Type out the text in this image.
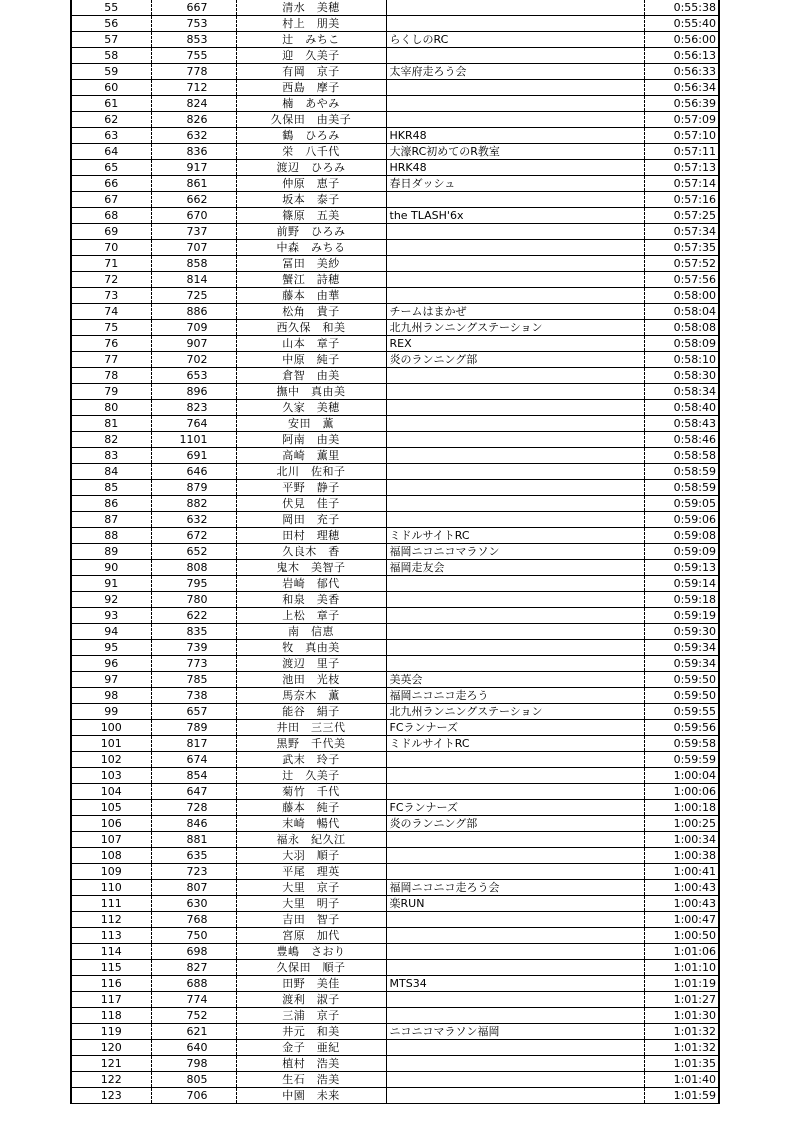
55	667	清水　美穂		0:55:38
56	753	村上　朋美		0:55:40
57	853	辻　みちこ	らくしのRC	0:56:00
58	755	迎　久美子		0:56:13
59	778	有岡　京子	太宰府走ろう会	0:56:33
60	712	西島　摩子		0:56:34
61	824	楠　あやみ		0:56:39
62	826	久保田　由美子		0:57:09
63	632	鶴　ひろみ	HKR48	0:57:10
64	836	栄　八千代	大濠RC初めてのR教室	0:57:11
65	917	渡辺　ひろみ	HRK48	0:57:13
66	861	仲原　恵子	春日ダッシュ	0:57:14
67	662	坂本　泰子		0:57:16
68	670	篠原　五美	the TLASH'6x	0:57:25
69	737	前野　ひろみ		0:57:34
70	707	中森　みちる		0:57:35
71	858	冨田　美紗		0:57:52
72	814	蟹江　詩穂		0:57:56
73	725	藤本　由華		0:58:00
74	886	松角　貴子	チームはまかぜ	0:58:04
75	709	西久保　和美	北九州ランニングステーション	0:58:08
76	907	山本　章子	REX	0:58:09
77	702	中原　純子	炎のランニング部	0:58:10
78	653	倉智　由美		0:58:30
79	896	撫中　真由美		0:58:34
80	823	久家　美穂		0:58:40
81	764	安田　薫		0:58:43
82	1101	阿南　由美		0:58:46
83	691	高崎　薫里		0:58:58
84	646	北川　佐和子		0:58:59
85	879	平野　静子		0:58:59
86	882	伏見　佳子		0:59:05
87	632	岡田　充子		0:59:06
88	672	田村　理穂	ミドルサイトRC	0:59:08
89	652	久良木　香	福岡ニコニコマラソン	0:59:09
90	808	鬼木　美智子	福岡走友会	0:59:13
91	795	岩崎　郁代		0:59:14
92	780	和泉　美香		0:59:18
93	622	上松　章子		0:59:19
94	835	南　信恵		0:59:30
95	739	牧　真由美		0:59:34
96	773	渡辺　里子		0:59:34
97	785	池田　光枝	美英会	0:59:50
98	738	馬奈木　薫	福岡ニコニコ走ろう	0:59:50
99	657	能谷　絹子	北九州ランニングステーション	0:59:55
100	789	井田　三三代	FCランナーズ	0:59:56
101	817	黒野　千代美	ミドルサイトRC	0:59:58
102	674	武末　玲子		0:59:59
103	854	辻　久美子		1:00:04
104	647	菊竹　千代		1:00:06
105	728	藤本　純子	FCランナーズ	1:00:18
106	846	末崎　暢代	炎のランニング部	1:00:25
107	881	福永　紀久江		1:00:34
108	635	大羽　順子		1:00:38
109	723	平尾　理英		1:00:41
110	807	大里　京子	福岡ニコニコ走ろう会	1:00:43
111	630	大里　明子	楽RUN	1:00:43
112	768	吉田　智子		1:00:47
113	750	宮原　加代		1:00:50
114	698	豊嶋　さおり		1:01:06
115	827	久保田　順子		1:01:10
116	688	田野　美佳	MTS34	1:01:19
117	774	渡利　淑子		1:01:27
118	752	三浦　京子		1:01:30
119	621	井元　和美	ニコニコマラソン福岡	1:01:32
120	640	金子　亜紀		1:01:32
121	798	植村　浩美		1:01:35
122	805	生石　浩美		1:01:40
123	706	中園　未来		1:01:59
